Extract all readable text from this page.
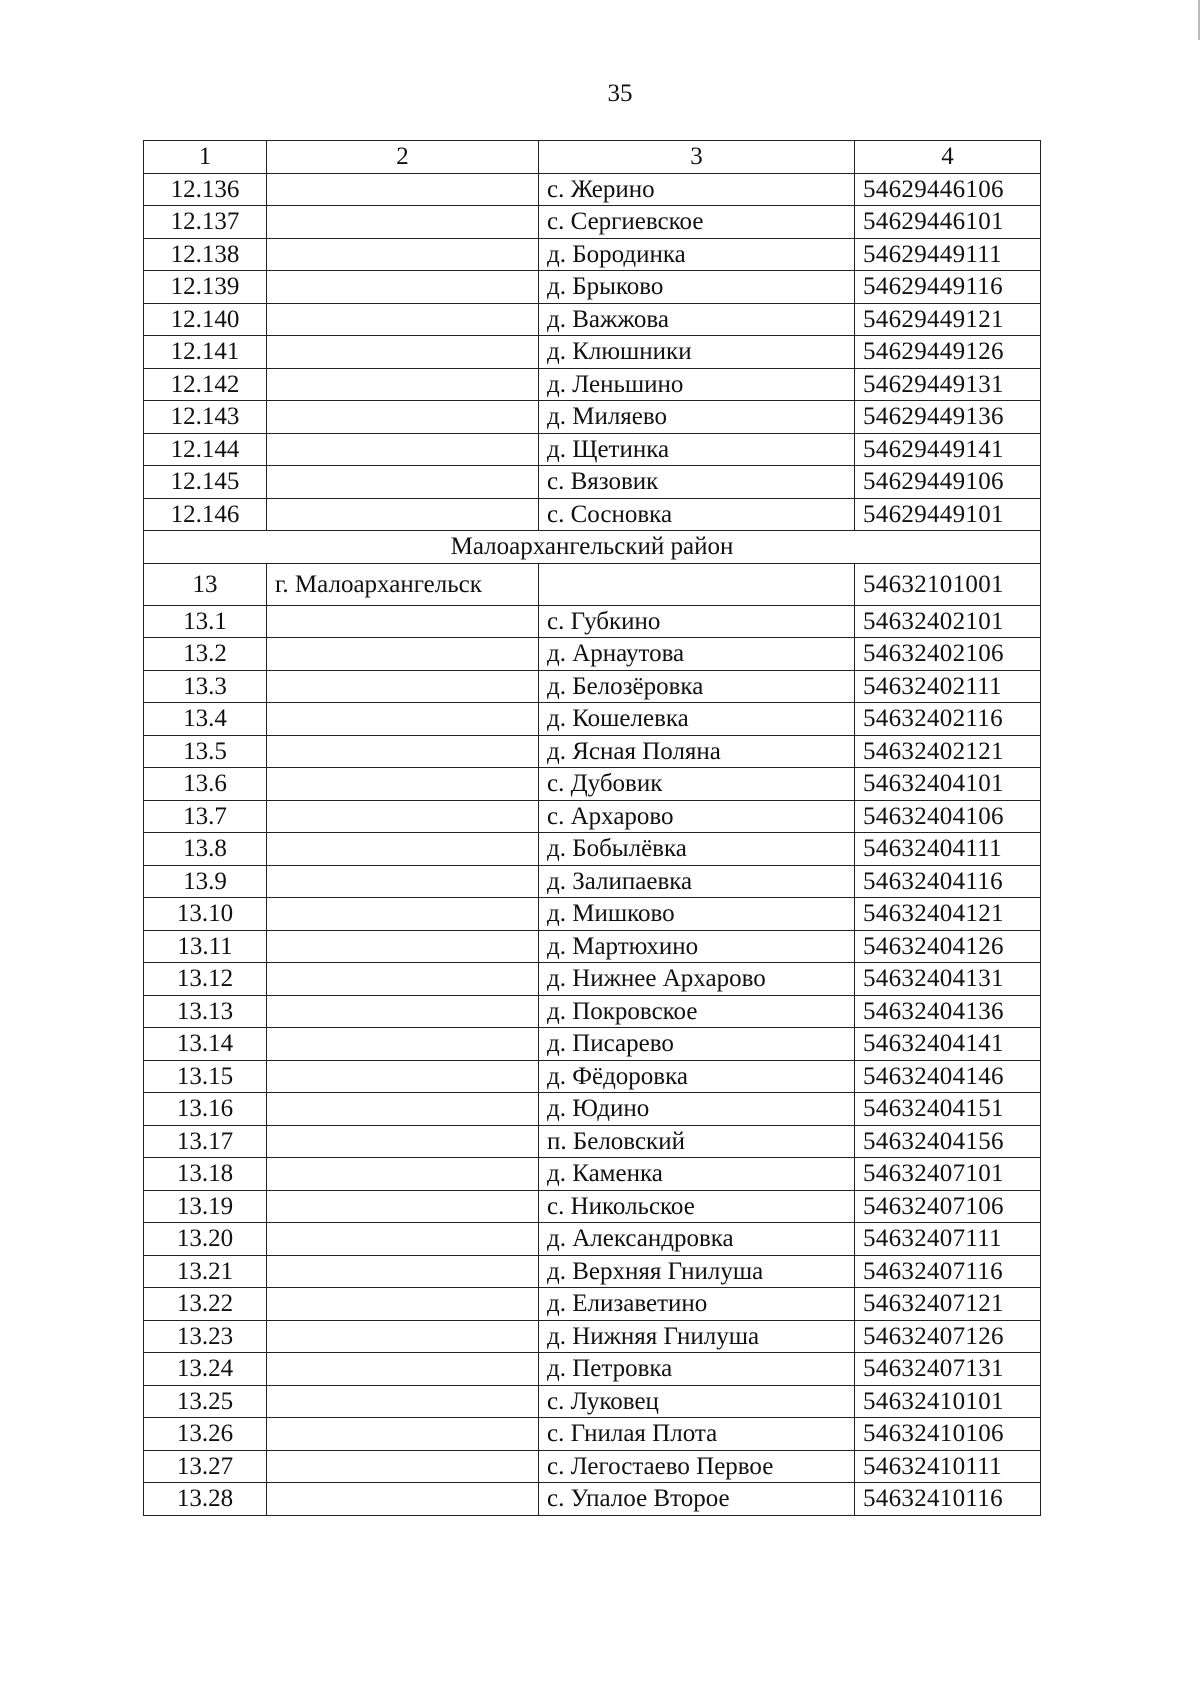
35
1	2	3	4
12.136		с. Жерино	54629446106
12.137		с. Сергиевское	54629446101
12.138		д. Бородинка	54629449111
12.139		д. Брыково	54629449116
12.140		д. Важжова	54629449121
12.141		д. Клюшники	54629449126
12.142		д. Леньшино	54629449131
12.143		д. Миляево	54629449136
12.144		д. Щетинка	54629449141
12.145		с. Вязовик	54629449106
12.146		с. Сосновка	54629449101
Малоархангельский район			
13	г. Малоархангельск		54632101001
13.1		с. Губкино	54632402101
13.2		д. Арнаутова	54632402106
13.3		д. Белозёровка	54632402111
13.4		д. Кошелевка	54632402116
13.5		д. Ясная Поляна	54632402121
13.6		с. Дубовик	54632404101
13.7		с. Архарово	54632404106
13.8		д. Бобылёвка	54632404111
13.9		д. Залипаевка	54632404116
13.10		д. Мишково	54632404121
13.11		д. Мартюхино	54632404126
13.12		д. Нижнее Архарово	54632404131
13.13		д. Покровское	54632404136
13.14		д. Писарево	54632404141
13.15		д. Фёдоровка	54632404146
13.16		д. Юдино	54632404151
13.17		п. Беловский	54632404156
13.18		д. Каменка	54632407101
13.19		с. Никольское	54632407106
13.20		д. Александровка	54632407111
13.21		д. Верхняя Гнилуша	54632407116
13.22		д. Елизаветино	54632407121
13.23		д. Нижняя Гнилуша	54632407126
13.24		д. Петровка	54632407131
13.25		с. Луковец	54632410101
13.26		с. Гнилая Плота	54632410106
13.27		с. Легостаево Первое	54632410111
13.28		с. Упалое Второе	54632410116
